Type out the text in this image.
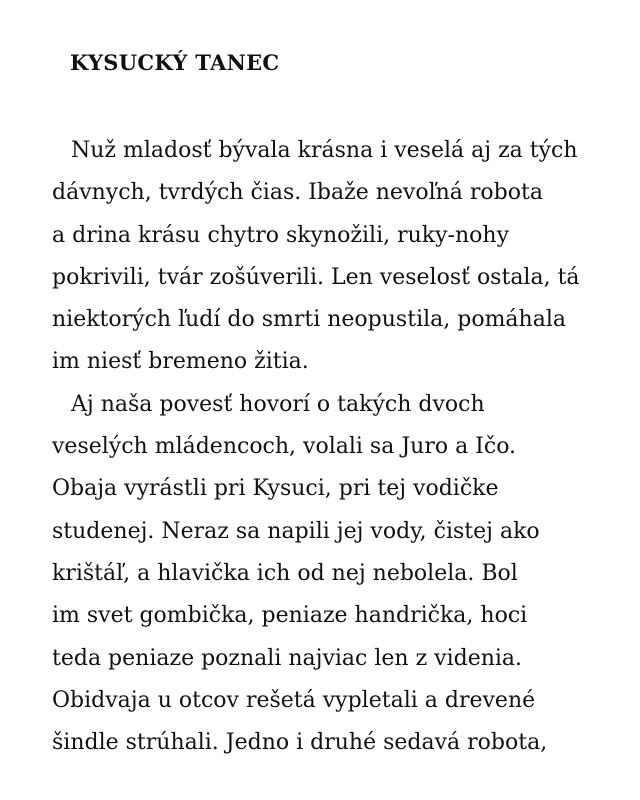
KYSUCKÝ TANEC
Nuž mladosť bývala krásna i veselá aj za tých
dávnych, tvrdých čias. Ibaže nevoľná robota
a drina krásu chytro skynožili, ruky-nohy
pokrivili, tvár zošúverili. Len veselosť ostala, tá
niektorých ľudí do smrti neopustila, pomáhala
im niesť bremeno žitia.
Aj naša povesť hovorí o takých dvoch
veselých mládencoch, volali sa Juro a Ičo.
Obaja vyrástli pri Kysuci, pri tej vodičke
studenej. Neraz sa napili jej vody, čistej ako
krištáľ, a hlavička ich od nej nebolela. Bol
im svet gombička, peniaze handrička, hoci
teda peniaze poznali najviac len z videnia.
Obidvaja u otcov rešetá vypletali a drevené
šindle strúhali. Jedno i druhé sedavá robota,
